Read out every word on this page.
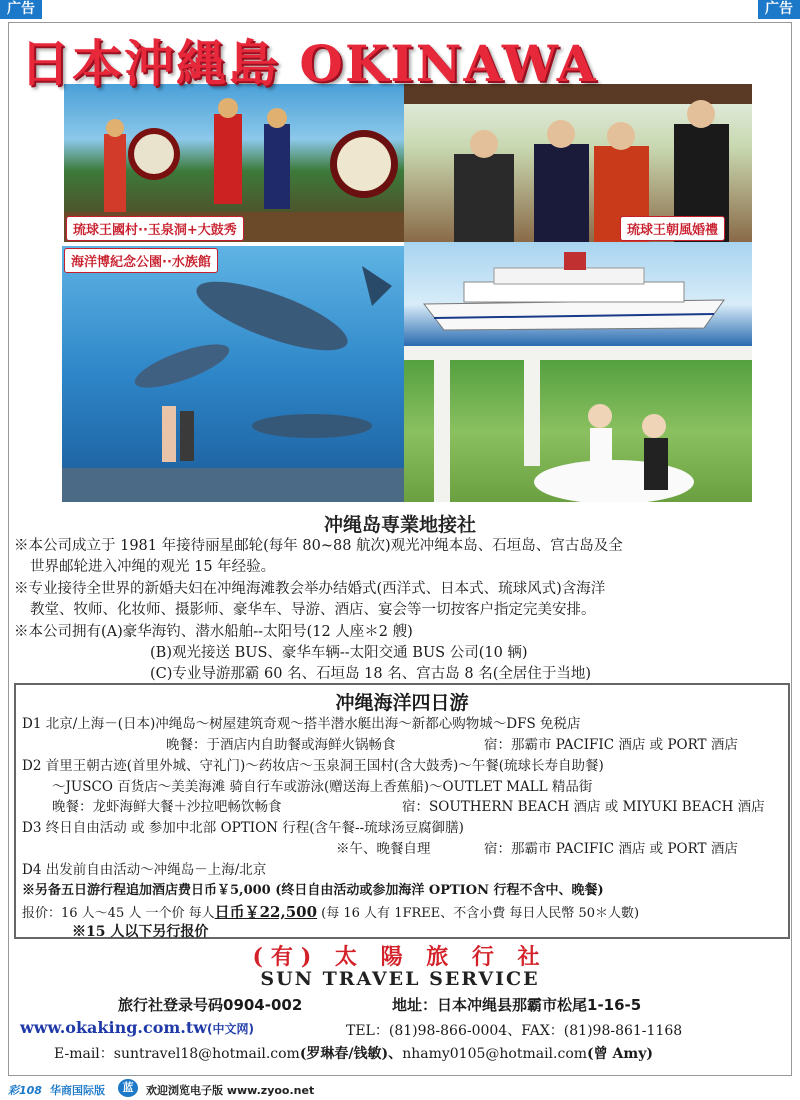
广告	广告
日本沖縄島 OKINAWA
琉球王國村··玉泉洞+大鼓秀	琉球王朝風婚禮
海洋博紀念公園··水族館
冲绳岛専業地接社
※本公司成立于 1981 年接待丽星邮轮(每年 80~88 航次)观光冲绳本岛、石垣岛、宫古岛及全
世界邮轮进入冲绳的观光 15 年经验。
※专业接待全世界的新婚夫妇在冲绳海滩教会举办结婚式(西洋式、日本式、琉球风式)含海洋
教堂、牧师、化妆师、摄影师、豪华车、导游、酒店、宴会等一切按客户指定完美安排。
※本公司拥有(A)豪华海钓、潜水船舶--太阳号(12 人座＊2 艘)
(B)观光接送 BUS、豪华车辆--太阳交通 BUS 公司(10 辆)
(C)专业导游那霸 60 名、石垣岛 18 名、宫古岛 8 名(全居住于当地)
冲绳海洋四日游
D1 北京/上海－(日本)冲绳岛～树屋建筑奇观～搭半潜水艇出海～新都心购物城～DFS 免税店
晚餐：于酒店内自助餐或海鲜火锅畅食	宿：那霸市 PACIFIC 酒店 或 PORT 酒店
D2 首里王朝古迹(首里外城、守礼门)～药妆店～玉泉洞王国村(含大鼓秀)～午餐(琉球长寿自助餐)
～JUSCO 百货店～美美海滩 骑自行车或游泳(赠送海上香蕉船)～OUTLET MALL 精品街
晚餐：龙虾海鲜大餐＋沙拉吧畅饮畅食	宿：SOUTHERN BEACH 酒店 或 MIYUKI BEACH 酒店
D3 终日自由活动 或 参加中北部 OPTION 行程(含午餐--琉球汤豆腐御膳)
※午、晚餐自理	宿：那霸市 PACIFIC 酒店 或 PORT 酒店
D4 出发前自由活动～冲绳岛－上海/北京
※另备五日游行程追加酒店费日币￥5,000 (终日自由活动或参加海洋 OPTION 行程不含中、晚餐)
报价：16 人～45 人 一个价 每人日币￥22,500 (每 16 人有 1FREE、不含小費 每日人民幣 50＊人數)
※15 人以下另行报价
(有) 太 陽 旅 行 社
SUN TRAVEL SERVICE
旅行社登录号码0904-002	地址：日本冲绳县那霸市松尾1-16-5
www.okaking.com.tw(中文网)	TEL：(81)98-866-0004、FAX：(81)98-861-1168
E-mail：suntravel18@hotmail.com(罗琳春/钱敏)、nhamy0105@hotmail.com(曾 Amy)
彩108 华商国际版	蓝	欢迎浏览电子版 www.zyoo.net
